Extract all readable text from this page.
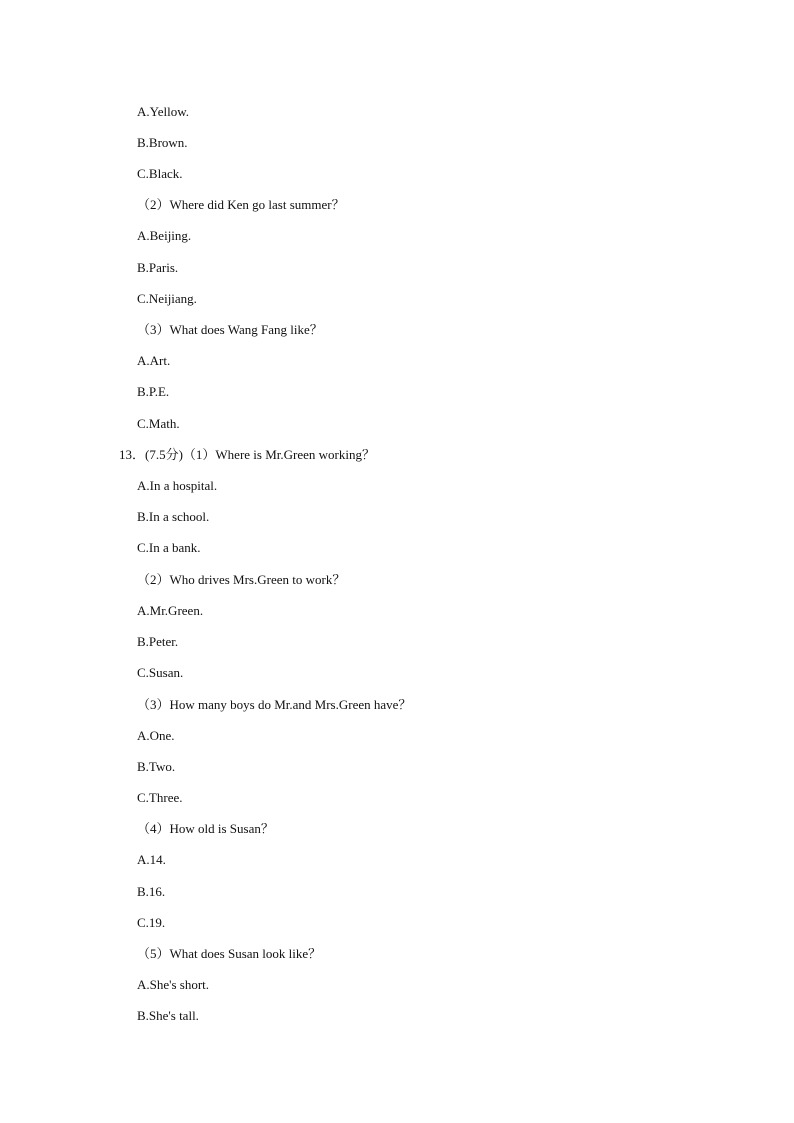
A.Yellow.
B.Brown.
C.Black.
（2）Where did Ken go last summer？
A.Beijing.
B.Paris.
C.Neijiang.
（3）What does Wang Fang like？
A.Art.
B.P.E.
C.Math.
13．(7.5分)（1）Where is Mr.Green working？
A.In a hospital.
B.In a school.
C.In a bank.
（2）Who drives Mrs.Green to work？
A.Mr.Green.
B.Peter.
C.Susan.
（3）How many boys do Mr.and Mrs.Green have？
A.One.
B.Two.
C.Three.
（4）How old is Susan？
A.14.
B.16.
C.19.
（5）What does Susan look like？
A.She's short.
B.She's tall.
